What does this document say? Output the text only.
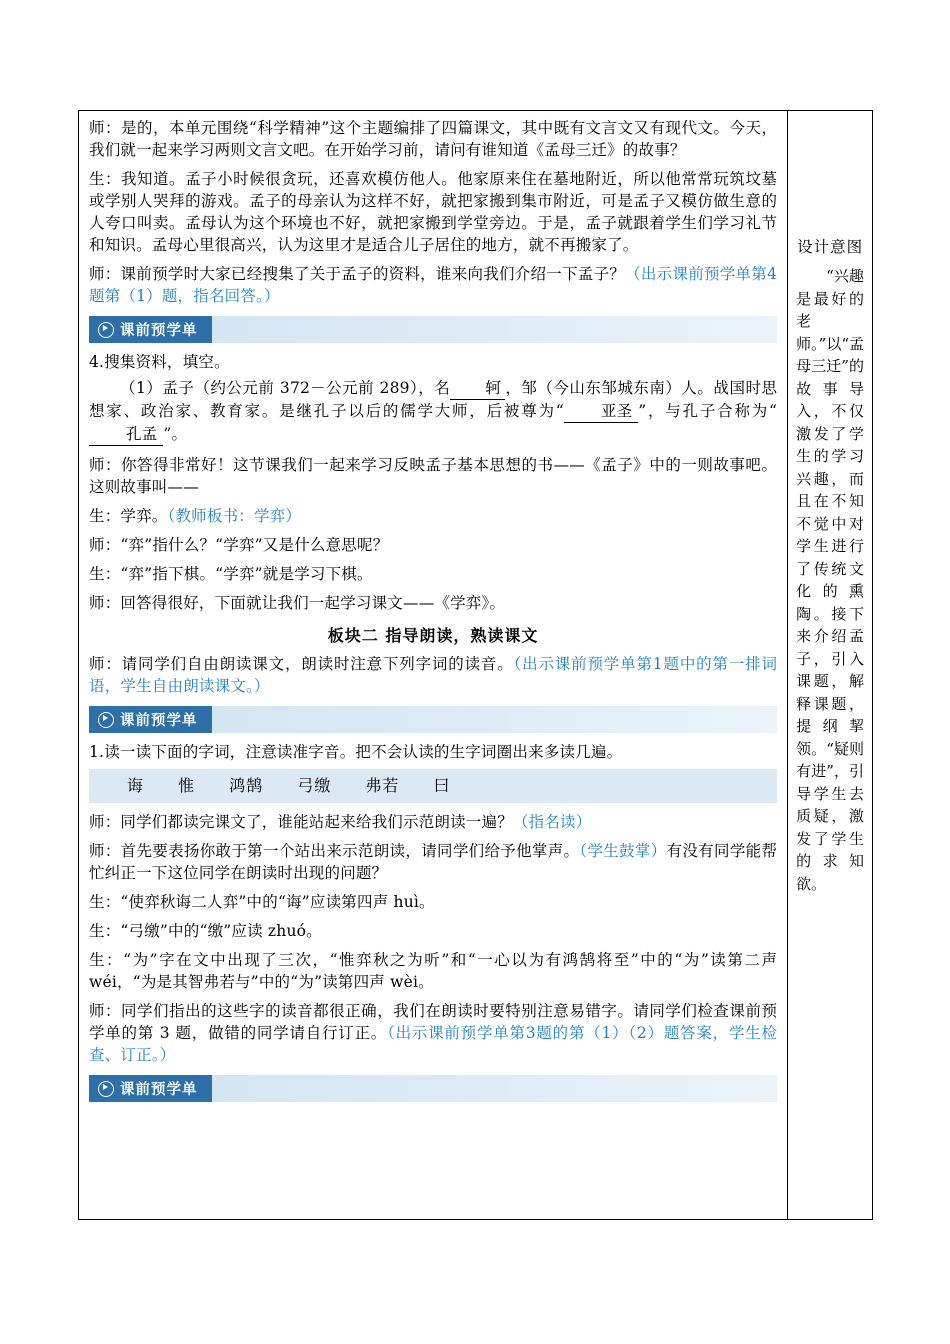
师：是的，本单元围绕“科学精神”这个主题编排了四篇课文，其中既有文言文又有现代文。今天，我们就一起来学习两则文言文吧。在开始学习前，请问有谁知道《孟母三迁》的故事？

生：我知道。孟子小时候很贪玩，还喜欢模仿他人。他家原来住在墓地附近，所以他常常玩筑坟墓或学别人哭拜的游戏。孟子的母亲认为这样不好，就把家搬到集市附近，可是孟子又模仿做生意的人夸口叫卖。孟母认为这个环境也不好，就把家搬到学堂旁边。于是，孟子就跟着学生们学习礼节和知识。孟母心里很高兴，认为这里才是适合儿子居住的地方，就不再搬家了。

师：课前预学时大家已经搜集了关于孟子的资料，谁来向我们介绍一下孟子？（出示课前预学单第4题第（1）题，指名回答。）

课前预学单

4.搜集资料，填空。

（1）孟子（约公元前 372－公元前 289），名 轲 ，邹（今山东邹城东南）人。战国时思想家、政治家、教育家。是继孔子以后的儒学大师，后被尊为“ 亚圣 ”，与孔子合称为“孔孟 ”。

师：你答得非常好！这节课我们一起来学习反映孟子基本思想的书——《孟子》中的一则故事吧。这则故事叫——

生：学弈。（教师板书：学弈）

师：“弈”指什么？“学弈”又是什么意思呢？

生：“弈”指下棋。“学弈”就是学习下棋。

师：回答得很好，下面就让我们一起学习课文——《学弈》。

板块二 指导朗读，熟读课文

师：请同学们自由朗读课文，朗读时注意下列字词的读音。（出示课前预学单第1题中的第一排词语，学生自由朗读课文。）

课前预学单

1.读一读下面的字词，注意读准字音。把不会认读的生字词圈出来多读几遍。

诲 惟 鸿鹄 弓缴 弗若 曰

师：同学们都读完课文了，谁能站起来给我们示范朗读一遍？（指名读）

师：首先要表扬你敢于第一个站出来示范朗读，请同学们给予他掌声。（学生鼓掌）有没有同学能帮忙纠正一下这位同学在朗读时出现的问题？

生：“使弈秋诲二人弈”中的“诲”应读第四声 huì。

生：“弓缴”中的“缴”应读 zhuó。

生：“为”字在文中出现了三次，“惟弈秋之为听”和“一心以为有鸿鹄将至”中的“为”读第二声 wéi，“为是其智弗若与”中的“为”读第四声 wèi。

师：同学们指出的这些字的读音都很正确，我们在朗读时要特别注意易错字。请同学们检查课前预学单的第 3 题，做错的同学请自行订正。（出示课前预学单第3题的第（1）（2）题答案，学生检查、订正。）

课前预学单
设计意图
“兴趣是最好的老师。”以“孟母三迁”的故事导入，不仅激发了学生的学习兴趣，而且在不知不觉中对学生进行了传统文化的熏陶。接下来介绍孟子，引入课题，解释课题，提纲挈领。“疑则有进”，引导学生去质疑，激发了学生的求知欲。
